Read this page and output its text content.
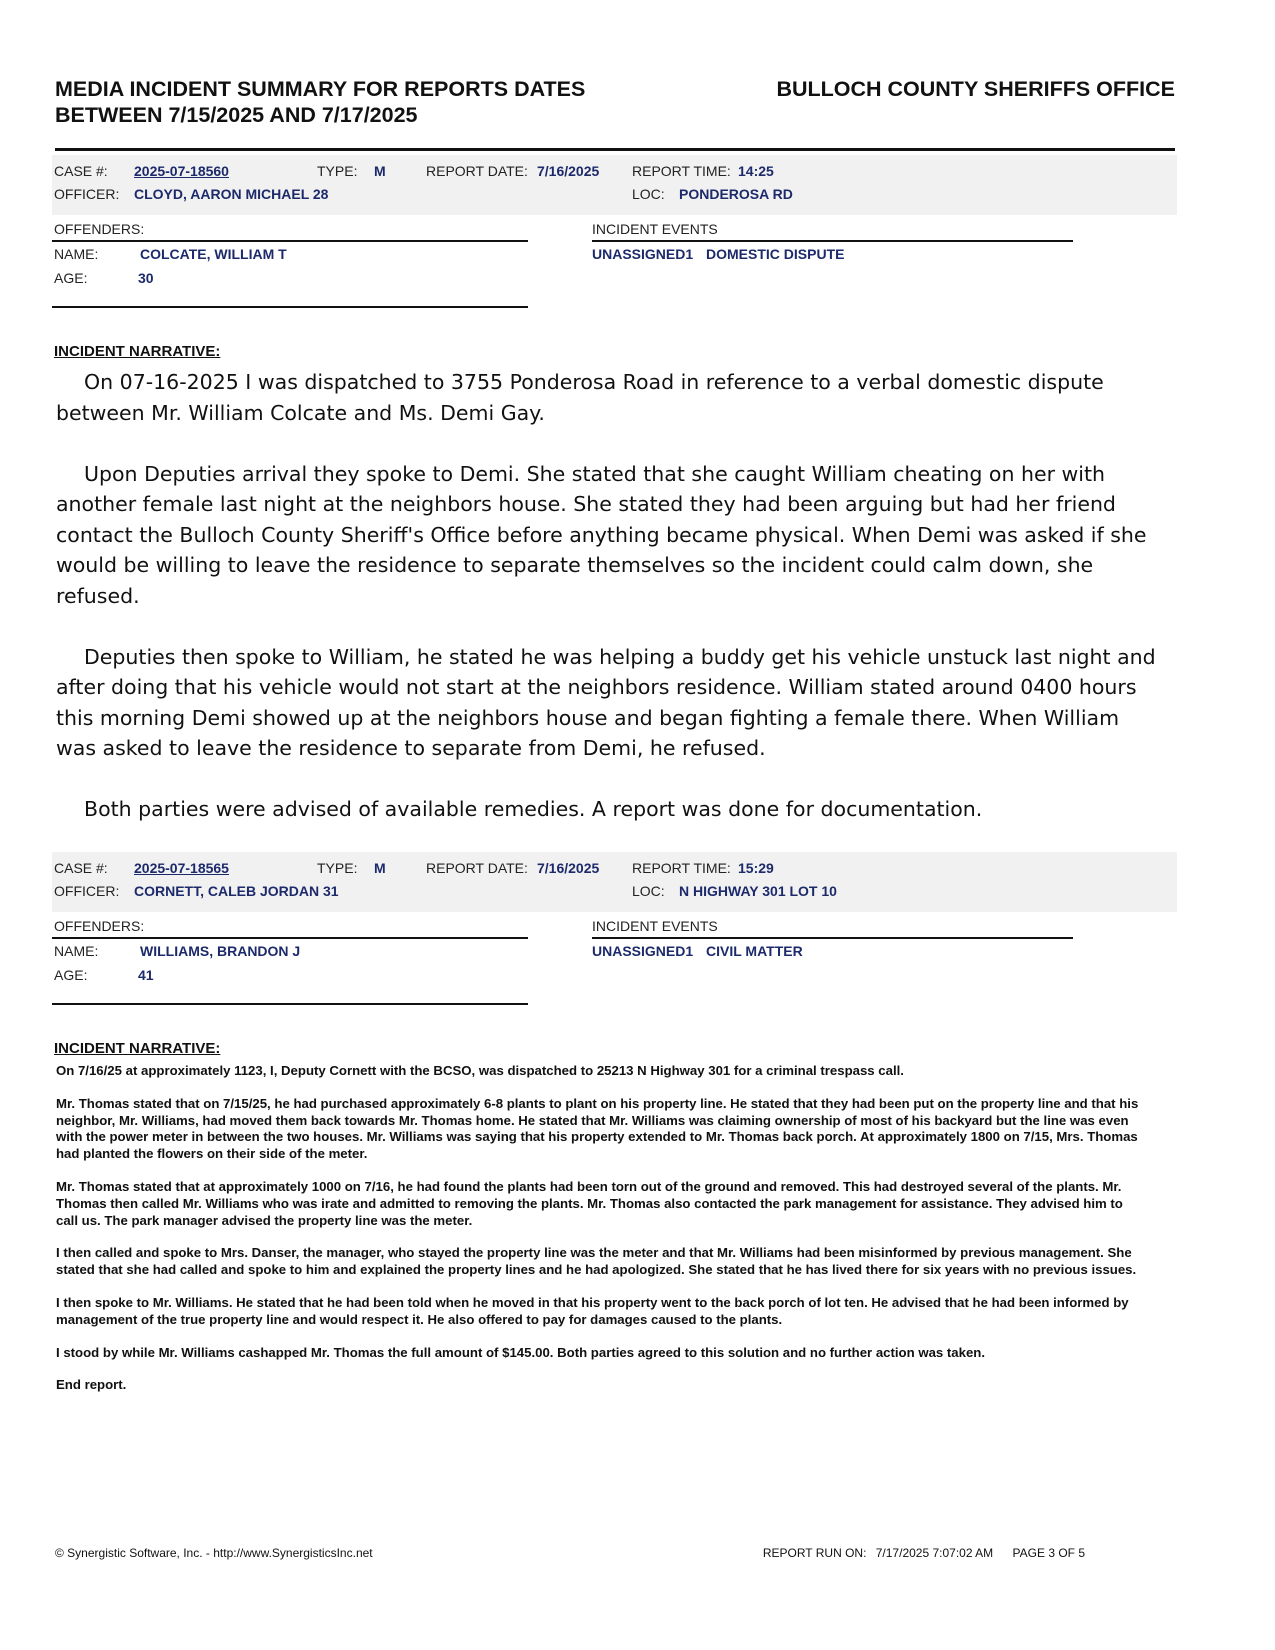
MEDIA INCIDENT SUMMARY FOR REPORTS DATES BETWEEN 7/15/2025 AND 7/17/2025
BULLOCH COUNTY SHERIFFS OFFICE
CASE #: 2025-07-18560	TYPE: M	REPORT DATE: 7/16/2025 REPORT TIME: 14:25
OFFICER: CLOYD, AARON MICHAEL 28	LOC: PONDEROSA RD
OFFENDERS:
NAME:	COLCATE, WILLIAM T
AGE:	30
INCIDENT EVENTS
UNASSIGNED1 DOMESTIC DISPUTE
INCIDENT NARRATIVE:

On 07-16-2025 I was dispatched to 3755 Ponderosa Road in reference to a verbal domestic dispute between Mr. William Colcate and Ms. Demi Gay.

Upon Deputies arrival they spoke to Demi. She stated that she caught William cheating on her with another female last night at the neighbors house. She stated they had been arguing but had her friend contact the Bulloch County Sheriff's Office before anything became physical. When Demi was asked if she would be willing to leave the residence to separate themselves so the incident could calm down, she refused.

Deputies then spoke to William, he stated he was helping a buddy get his vehicle unstuck last night and after doing that his vehicle would not start at the neighbors residence. William stated around 0400 hours this morning Demi showed up at the neighbors house and began fighting a female there. When William was asked to leave the residence to separate from Demi, he refused.

Both parties were advised of available remedies. A report was done for documentation.

CASE #: 2025-07-18565	TYPE: M	REPORT DATE: 7/16/2025 REPORT TIME: 15:29
OFFICER: CORNETT, CALEB JORDAN 31	LOC: N HIGHWAY 301 LOT 10
OFFENDERS:
NAME:	WILLIAMS, BRANDON J
AGE:	41
INCIDENT EVENTS
UNASSIGNED1 CIVIL MATTER
INCIDENT NARRATIVE:

On 7/16/25 at approximately 1123, I, Deputy Cornett with the BCSO, was dispatched to 25213 N Highway 301 for a criminal trespass call.

Mr. Thomas stated that on 7/15/25, he had purchased approximately 6-8 plants to plant on his property line. He stated that they had been put on the property line and that his neighbor, Mr. Williams, had moved them back towards Mr. Thomas home. He stated that Mr. Williams was claiming ownership of most of his backyard but the line was even with the power meter in between the two houses. Mr. Williams was saying that his property extended to Mr. Thomas back porch. At approximately 1800 on 7/15, Mrs. Thomas had planted the flowers on their side of the meter.

Mr. Thomas stated that at approximately 1000 on 7/16, he had found the plants had been torn out of the ground and removed. This had destroyed several of the plants. Mr. Thomas then called Mr. Williams who was irate and admitted to removing the plants. Mr. Thomas also contacted the park management for assistance. They advised him to call us. The park manager advised the property line was the meter.

I then called and spoke to Mrs. Danser, the manager, who stayed the property line was the meter and that Mr. Williams had been misinformed by previous management. She stated that she had called and spoke to him and explained the property lines and he had apologized. She stated that he has lived there for six years with no previous issues.

I then spoke to Mr. Williams. He stated that he had been told when he moved in that his property went to the back porch of lot ten. He advised that he had been informed by management of the true property line and would respect it. He also offered to pay for damages caused to the plants.

I stood by while Mr. Williams cashapped Mr. Thomas the full amount of $145.00. Both parties agreed to this solution and no further action was taken.

End report.

© Synergistic Software, Inc. - http://www.SynergisticsInc.net	REPORT RUN ON: 7/17/2025 7:07:02 AM PAGE 3 OF 5
